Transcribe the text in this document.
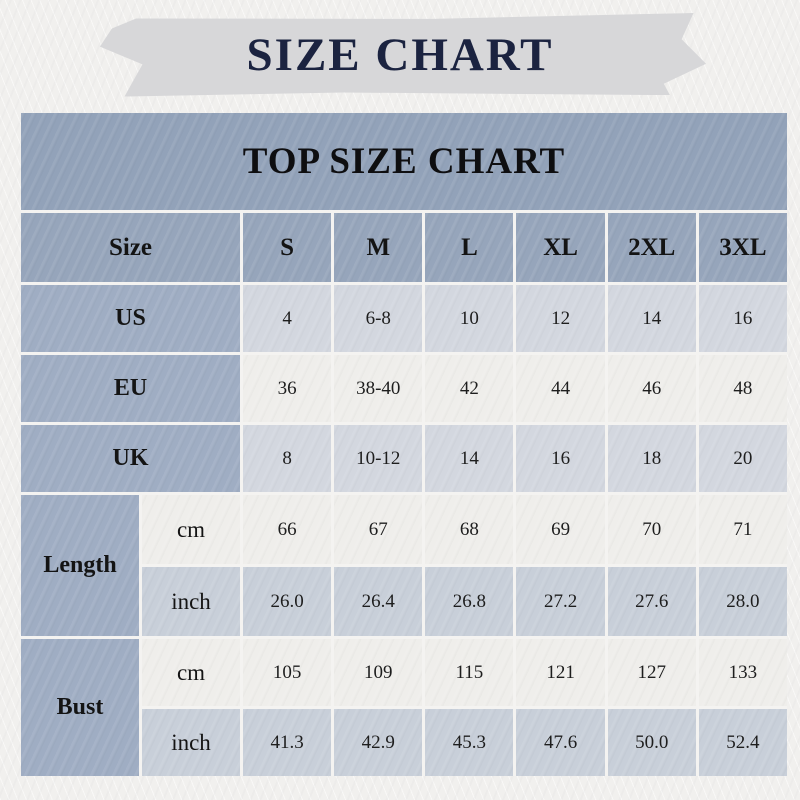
SIZE CHART
TOP SIZE CHART
Size	S	M	L	XL	2XL	3XL
US	4	6-8	10	12	14	16
EU	36	38-40	42	44	46	48
UK	8	10-12	14	16	18	20
Length
cm	66	67	68	69	70	71
inch	26.0	26.4	26.8	27.2	27.6	28.0
Bust
cm	105	109	115	121	127	133
inch	41.3	42.9	45.3	47.6	50.0	52.4
